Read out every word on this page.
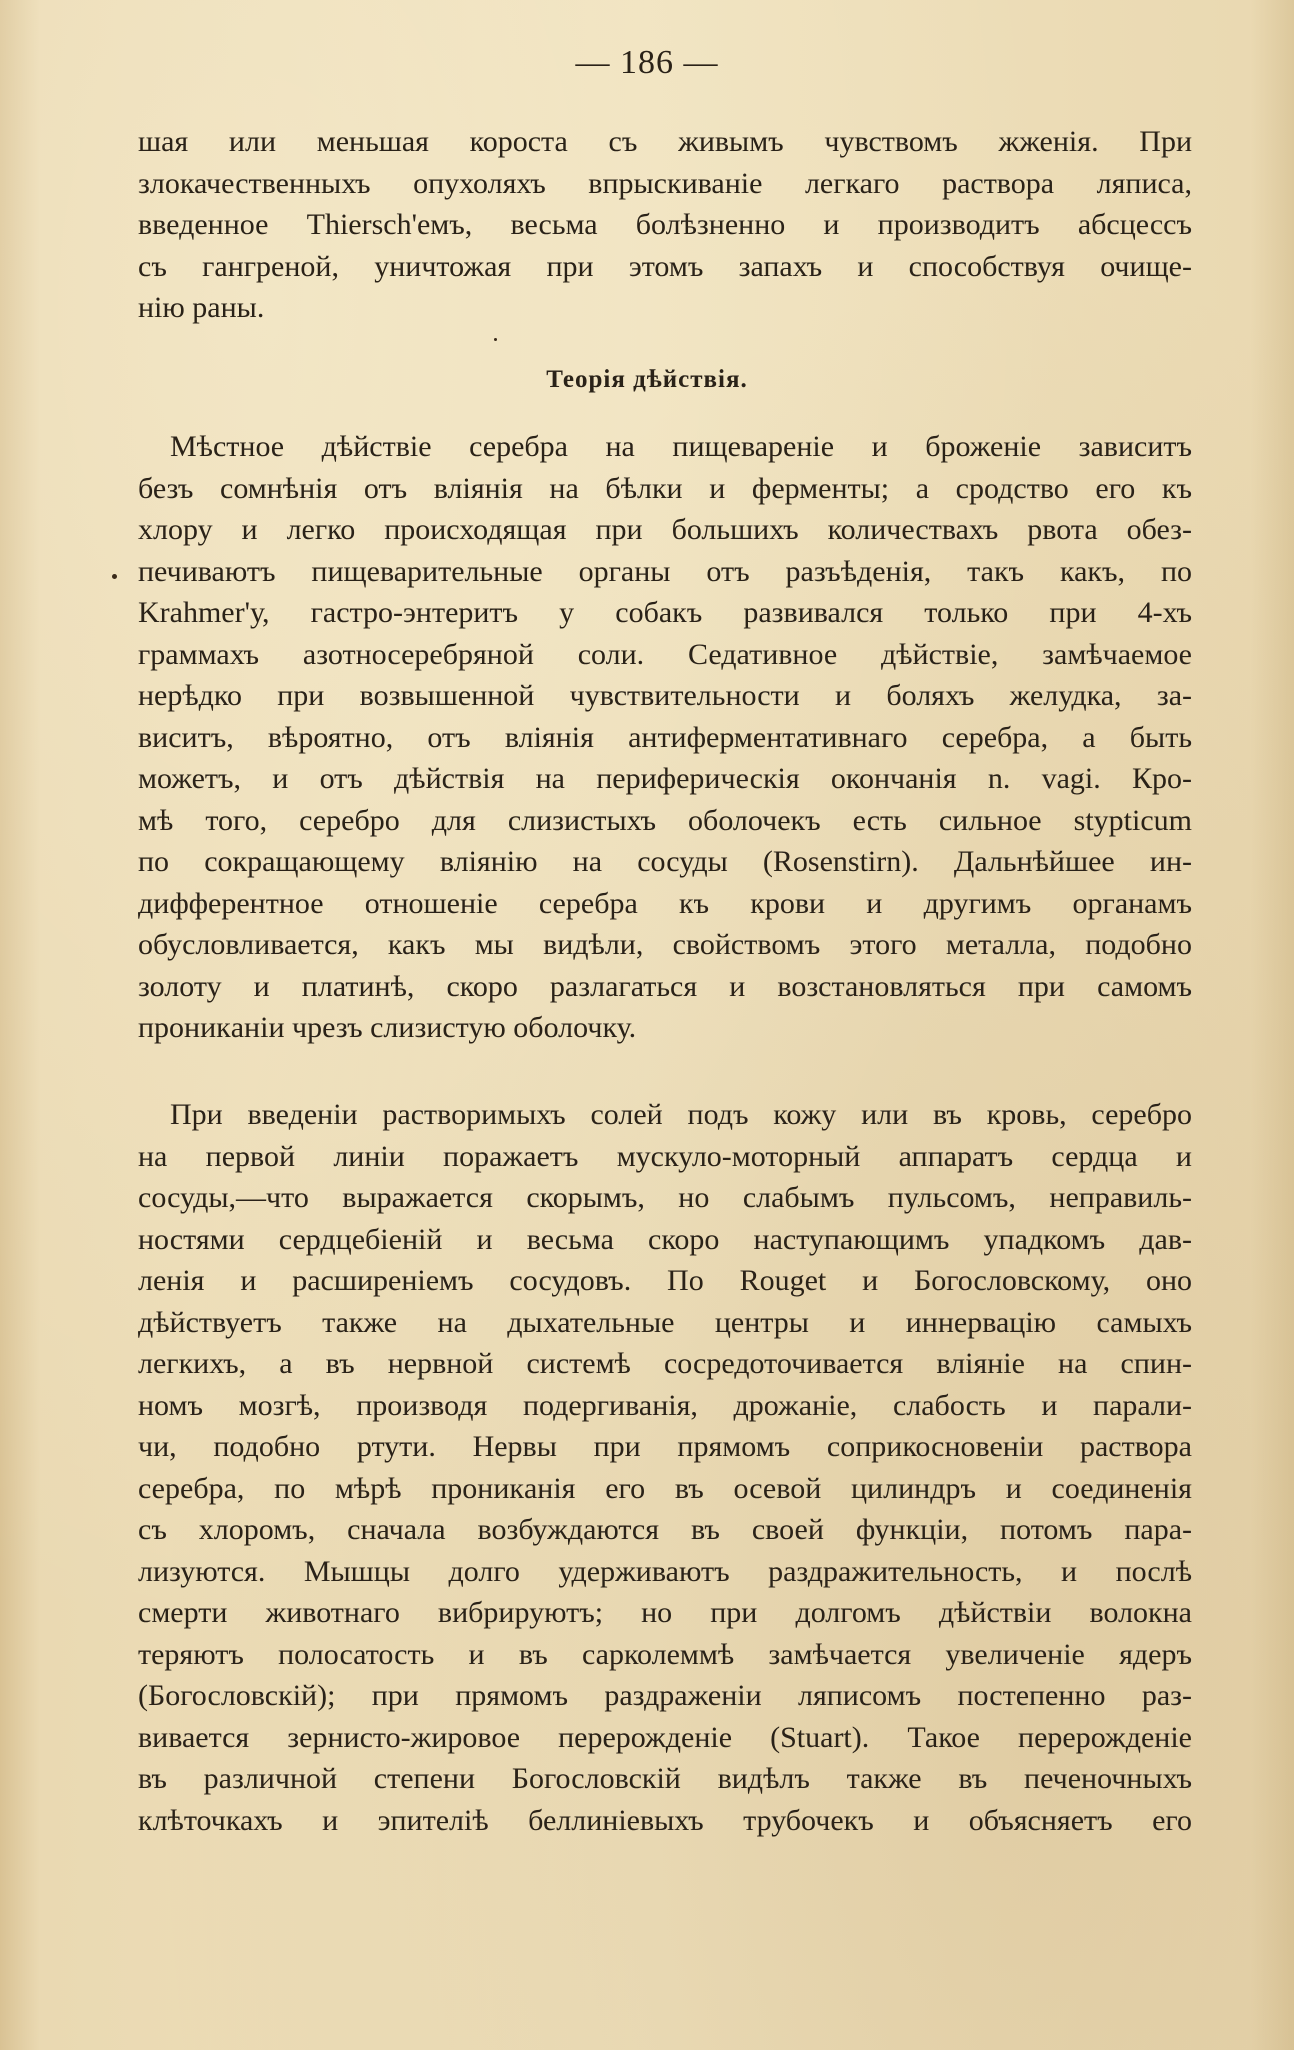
— 186 —
шая или меньшая корoста съ живымъ чувствомъ жженія. При
злокачественныхъ опухоляхъ впрыскиваніе легкаго раствора ляписа,
введенное Thiersch'емъ, весьма болѣзненно и производитъ абсцессъ
съ гангреной, уничтожая при этомъ запахъ и способствуя очище-
нію раны.
Теорія дѣйствія.
Мѣстное дѣйствіе серебра на пищевареніе и броженіе зависитъ
безъ сомнѣнія отъ вліянія на бѣлки и ферменты; а сродство его къ
хлору и легко происходящая при большихъ количествахъ рвота обез-
печиваютъ пищеварительные органы отъ разъѣденія, такъ какъ, по
Krahmer'у, гастро-энтеритъ у собакъ развивался только при 4-хъ
граммахъ азотносеребряной соли. Седативное дѣйствіе, замѣчаемое
нерѣдко при возвышенной чувствительности и боляхъ желудка, за-
виситъ, вѣроятно, отъ вліянія антиферментативнаго серебра, а быть
можетъ, и отъ дѣйствія на периферическія окончанія n. vagi. Кро-
мѣ того, серебро для слизистыхъ оболочекъ есть сильное stypticum
по сокращающему вліянію на сосуды (Rosenstirn). Дальнѣйшее ин-
дифферентное отношеніе серебра къ крови и другимъ органамъ
обусловливается, какъ мы видѣли, свойствомъ этого металла, подобно
золоту и платинѣ, скоро разлагаться и возстановляться при самомъ
проникaніи чрезъ слизистую оболочку.
При введеніи растворимыхъ солей подъ кожу или въ кровь, серебро
на первой линіи поражаетъ мускуло-моторный аппаратъ сердца и
сосуды,—что выражается скорымъ, но слабымъ пульсомъ, неправиль-
ностями сердцебіеній и весьма скоро наступающимъ упадкомъ дав-
ленія и расширеніемъ сосудовъ. По Rouget и Богословскому, оно
дѣйствуетъ также на дыхательные центры и иннервацію самыхъ
легкихъ, а въ нервной системѣ сосредоточивается вліяніе на спин-
номъ мозгѣ, производя подергиванія, дрожаніе, слабость и парали-
чи, подобно ртути. Нервы при прямомъ соприкосновеніи раствора
серебра, по мѣрѣ проникaнія его въ осевой цилиндръ и соединенія
съ хлоромъ, сначала возбуждаются въ своей функціи, потомъ пара-
лизуются. Мышцы долго удерживаютъ раздражительность, и послѣ
смерти животнаго вибрируютъ; но при долгомъ дѣйствіи волокна
теряютъ полосатость и въ сарколеммѣ замѣчается увеличеніе ядеръ
(Богословскій); при прямомъ раздраженіи ляписомъ постепенно раз-
вивается зернисто-жировое перерожденіе (Stuart). Такое перерожденіе
въ различной степени Богословскій видѣлъ также въ печеночныхъ
клѣточкахъ и эпителіѣ беллиніевыхъ трубочекъ и объясняетъ его
